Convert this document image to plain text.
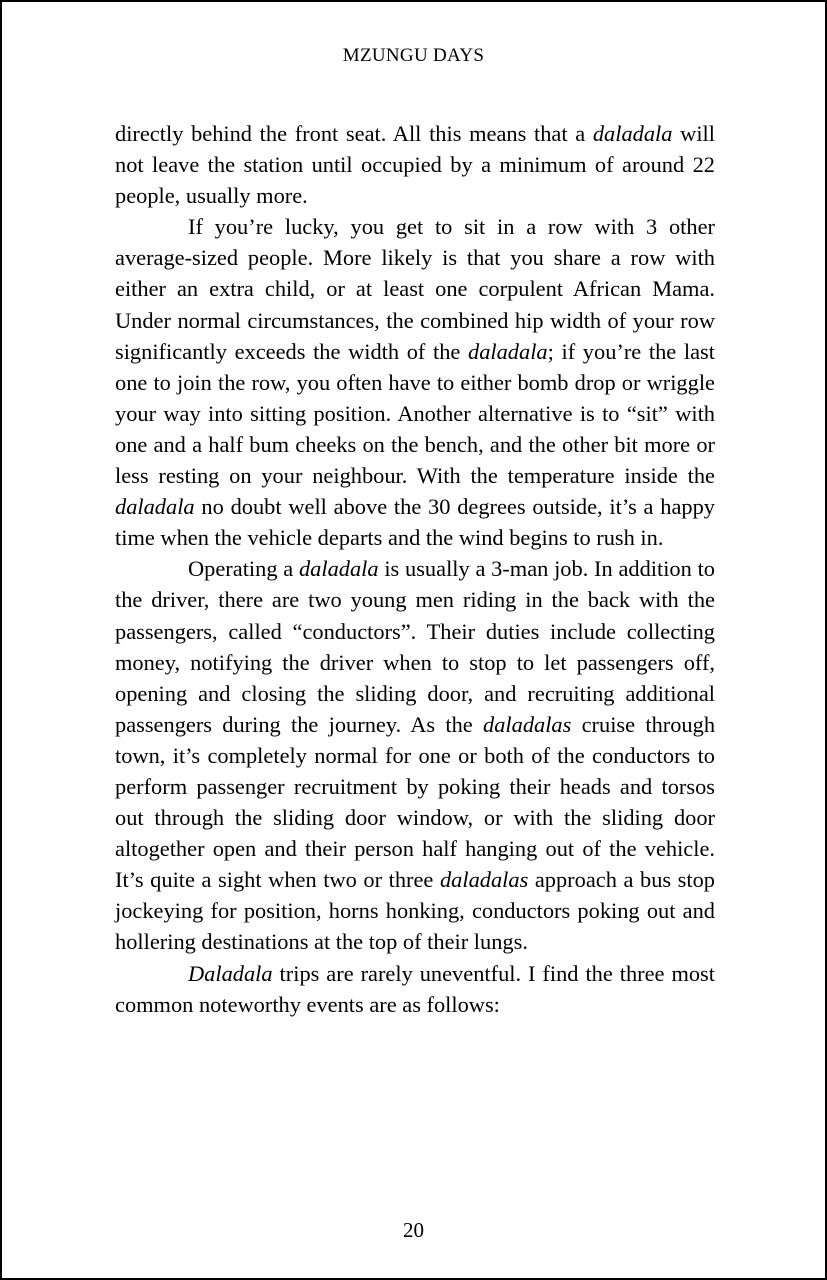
MZUNGU DAYS

directly behind the front seat. All this means that a daladala will not leave the station until occupied by a minimum of around 22 people, usually more.

If you’re lucky, you get to sit in a row with 3 other average-sized people. More likely is that you share a row with either an extra child, or at least one corpulent African Mama. Under normal circumstances, the combined hip width of your row significantly exceeds the width of the daladala; if you’re the last one to join the row, you often have to either bomb drop or wriggle your way into sitting position. Another alternative is to “sit” with one and a half bum cheeks on the bench, and the other bit more or less resting on your neighbour. With the temperature inside the daladala no doubt well above the 30 degrees outside, it’s a happy time when the vehicle departs and the wind begins to rush in.

Operating a daladala is usually a 3-man job. In addition to the driver, there are two young men riding in the back with the passengers, called “conductors”. Their duties include collecting money, notifying the driver when to stop to let passengers off, opening and closing the sliding door, and recruiting additional passengers during the journey. As the daladalas cruise through town, it’s completely normal for one or both of the conductors to perform passenger recruitment by poking their heads and torsos out through the sliding door window, or with the sliding door altogether open and their person half hanging out of the vehicle. It’s quite a sight when two or three daladalas approach a bus stop jockeying for position, horns honking, conductors poking out and hollering destinations at the top of their lungs.

Daladala trips are rarely uneventful. I find the three most common noteworthy events are as follows:

20
